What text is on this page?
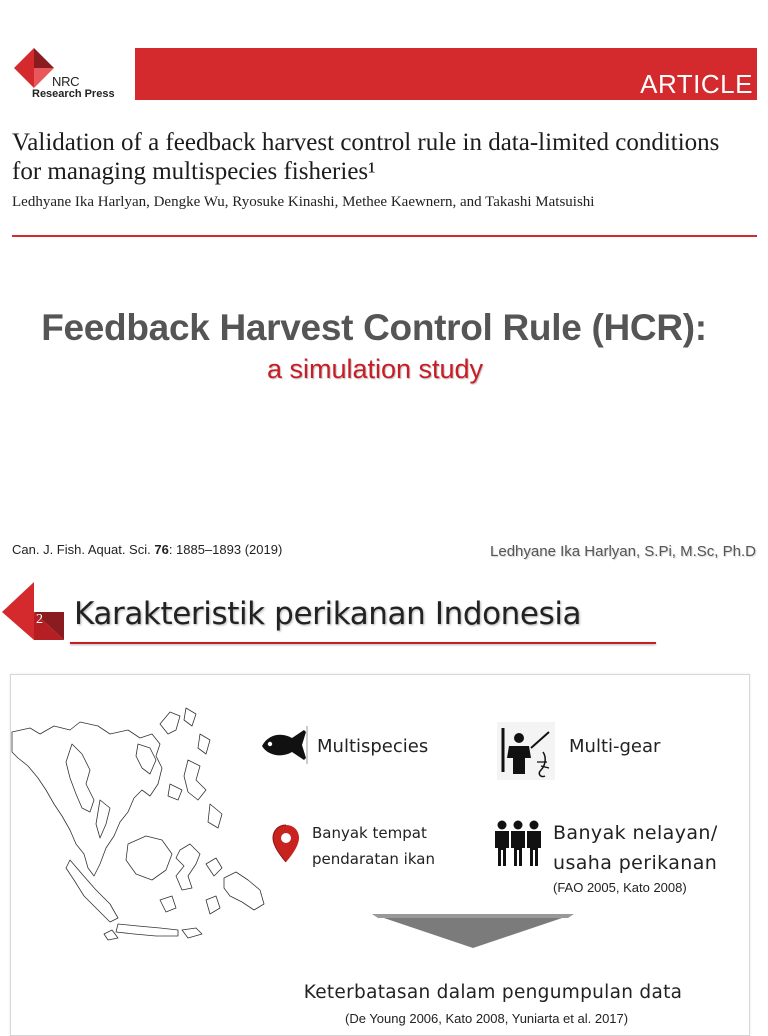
NRC
Research Press	ARTICLE
Validation of a feedback harvest control rule in data-limited conditions for managing multispecies fisheries¹
Ledhyane Ika Harlyan, Dengke Wu, Ryosuke Kinashi, Methee Kaewnern, and Takashi Matsuishi
Feedback Harvest Control Rule (HCR):
a simulation study
Can. J. Fish. Aquat. Sci. 76: 1885–1893 (2019)	Ledhyane Ika Harlyan, S.Pi, M.Sc, Ph.D
2 Karakteristik perikanan Indonesia
Multispecies	Multi-gear
Banyak tempat pendaratan ikan
Banyak nelayan/ usaha perikanan
(FAO 2005, Kato 2008)
Keterbatasan dalam pengumpulan data
(De Young 2006, Kato 2008, Yuniarta et al. 2017)
